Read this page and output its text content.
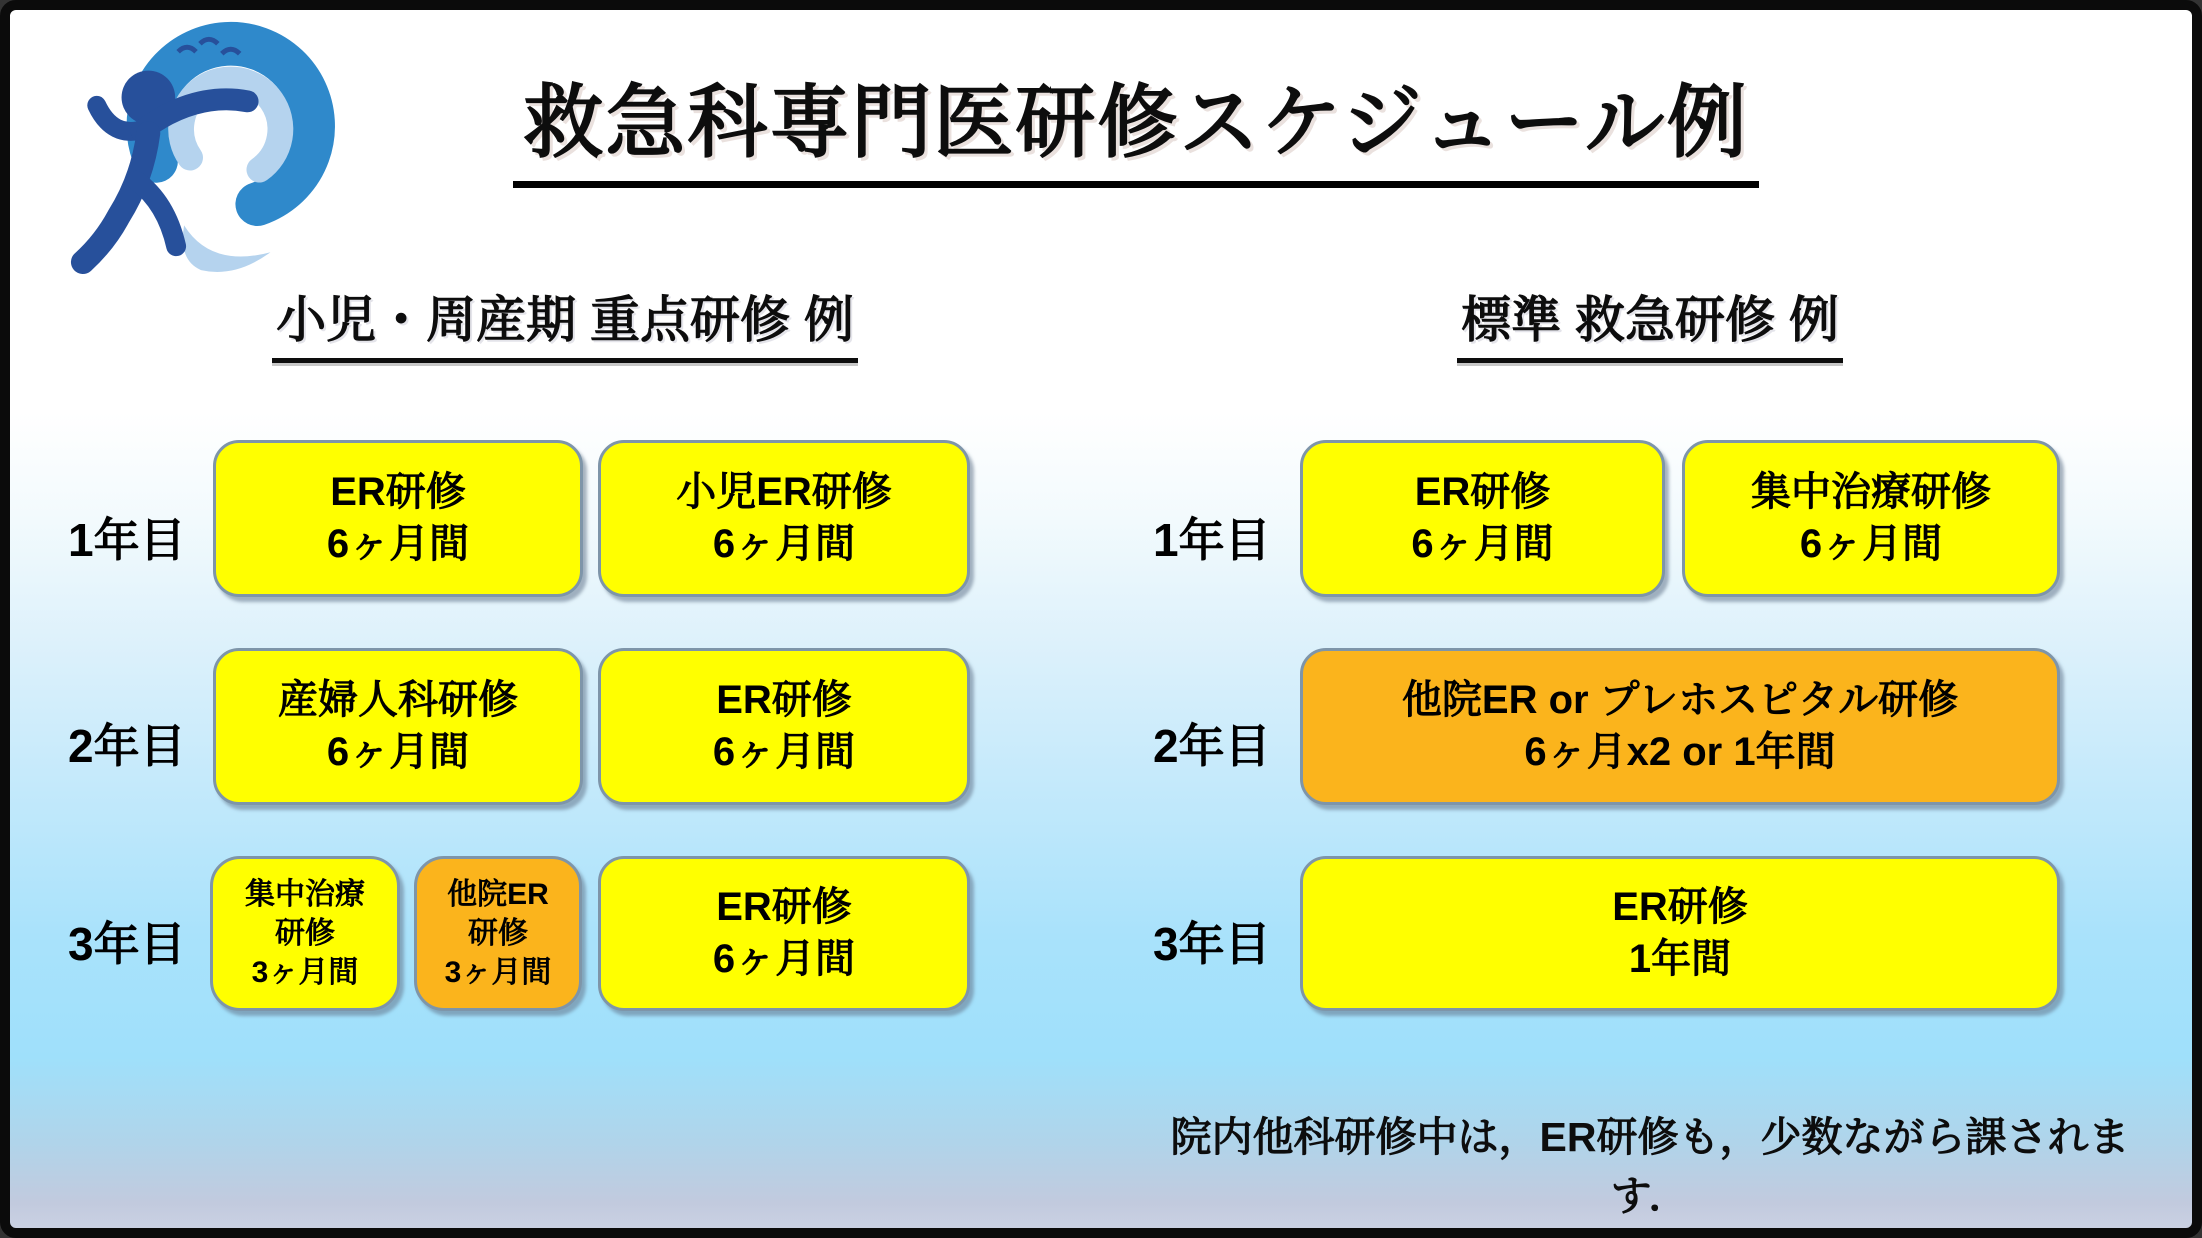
救急科専門医研修スケジュール例
小児・周産期 重点研修 例	標準 救急研修 例
1年目
2年目
3年目
ER研修
6ヶ月間
小児ER研修
6ヶ月間
産婦人科研修
6ヶ月間
ER研修
6ヶ月間
集中治療
研修
3ヶ月間
他院ER
研修
3ヶ月間
ER研修
6ヶ月間
1年目
2年目
3年目
ER研修
6ヶ月間
集中治療研修
6ヶ月間
他院ER or プレホスピタル研修
6ヶ月x2 or 1年間
ER研修
1年間
院内他科研修中は，ER研修も，少数ながら課されます．
